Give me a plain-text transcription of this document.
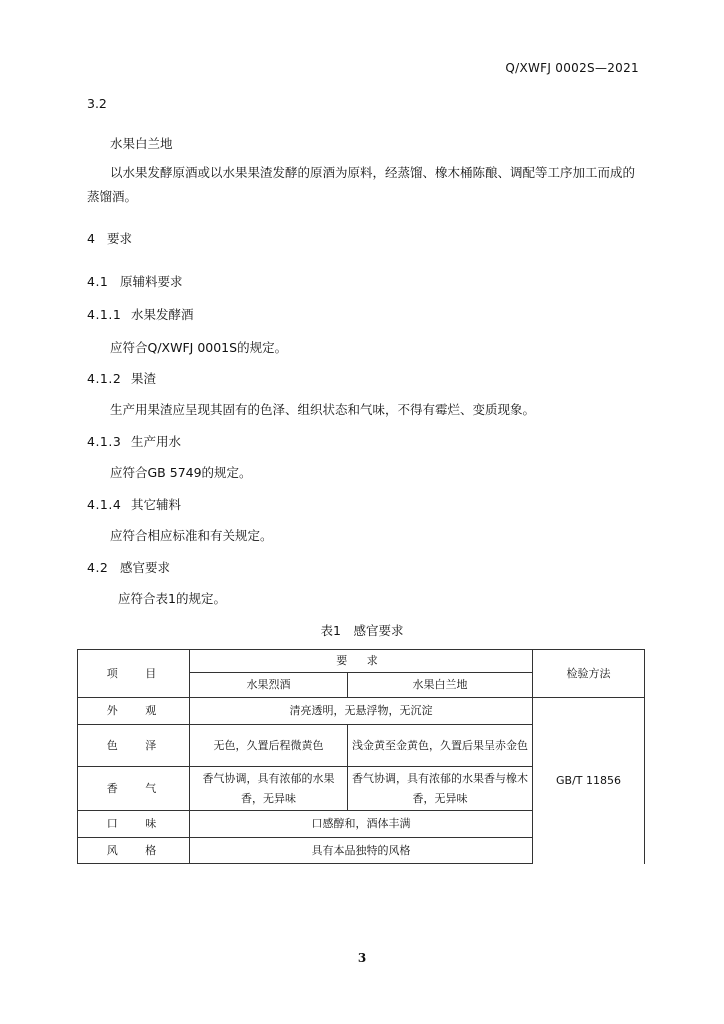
Q/XWFJ 0002S—2021
3.2
水果白兰地
以水果发酵原酒或以水果果渣发酵的原酒为原料，经蒸馏、橡木桶陈酿、调配等工序加工而成的
蒸馏酒。
4 要求
4.1 原辅料要求
4.1.1 水果发酵酒
应符合Q/XWFJ 0001S的规定。
4.1.2 果渣
生产用果渣应呈现其固有的色泽、组织状态和气味，不得有霉烂、变质现象。
4.1.3 生产用水
应符合GB 5749的规定。
4.1.4 其它辅料
应符合相应标准和有关规定。
4.2 感官要求
应符合表1的规定。
表1　感官要求
项 目	要 求		检验方法
	水果烈酒	水果白兰地	
外 观	清亮透明，无悬浮物，无沉淀		GB/T 11856
色 泽	无色，久置后程微黄色	浅金黄至金黄色，久置后果呈赤金色	
香 气	香气协调，具有浓郁的水果香，无异味	香气协调，具有浓郁的水果香与橡木香，无异味	
口 味	口感醇和，酒体丰满		
风 格	具有本品独特的风格		
3
